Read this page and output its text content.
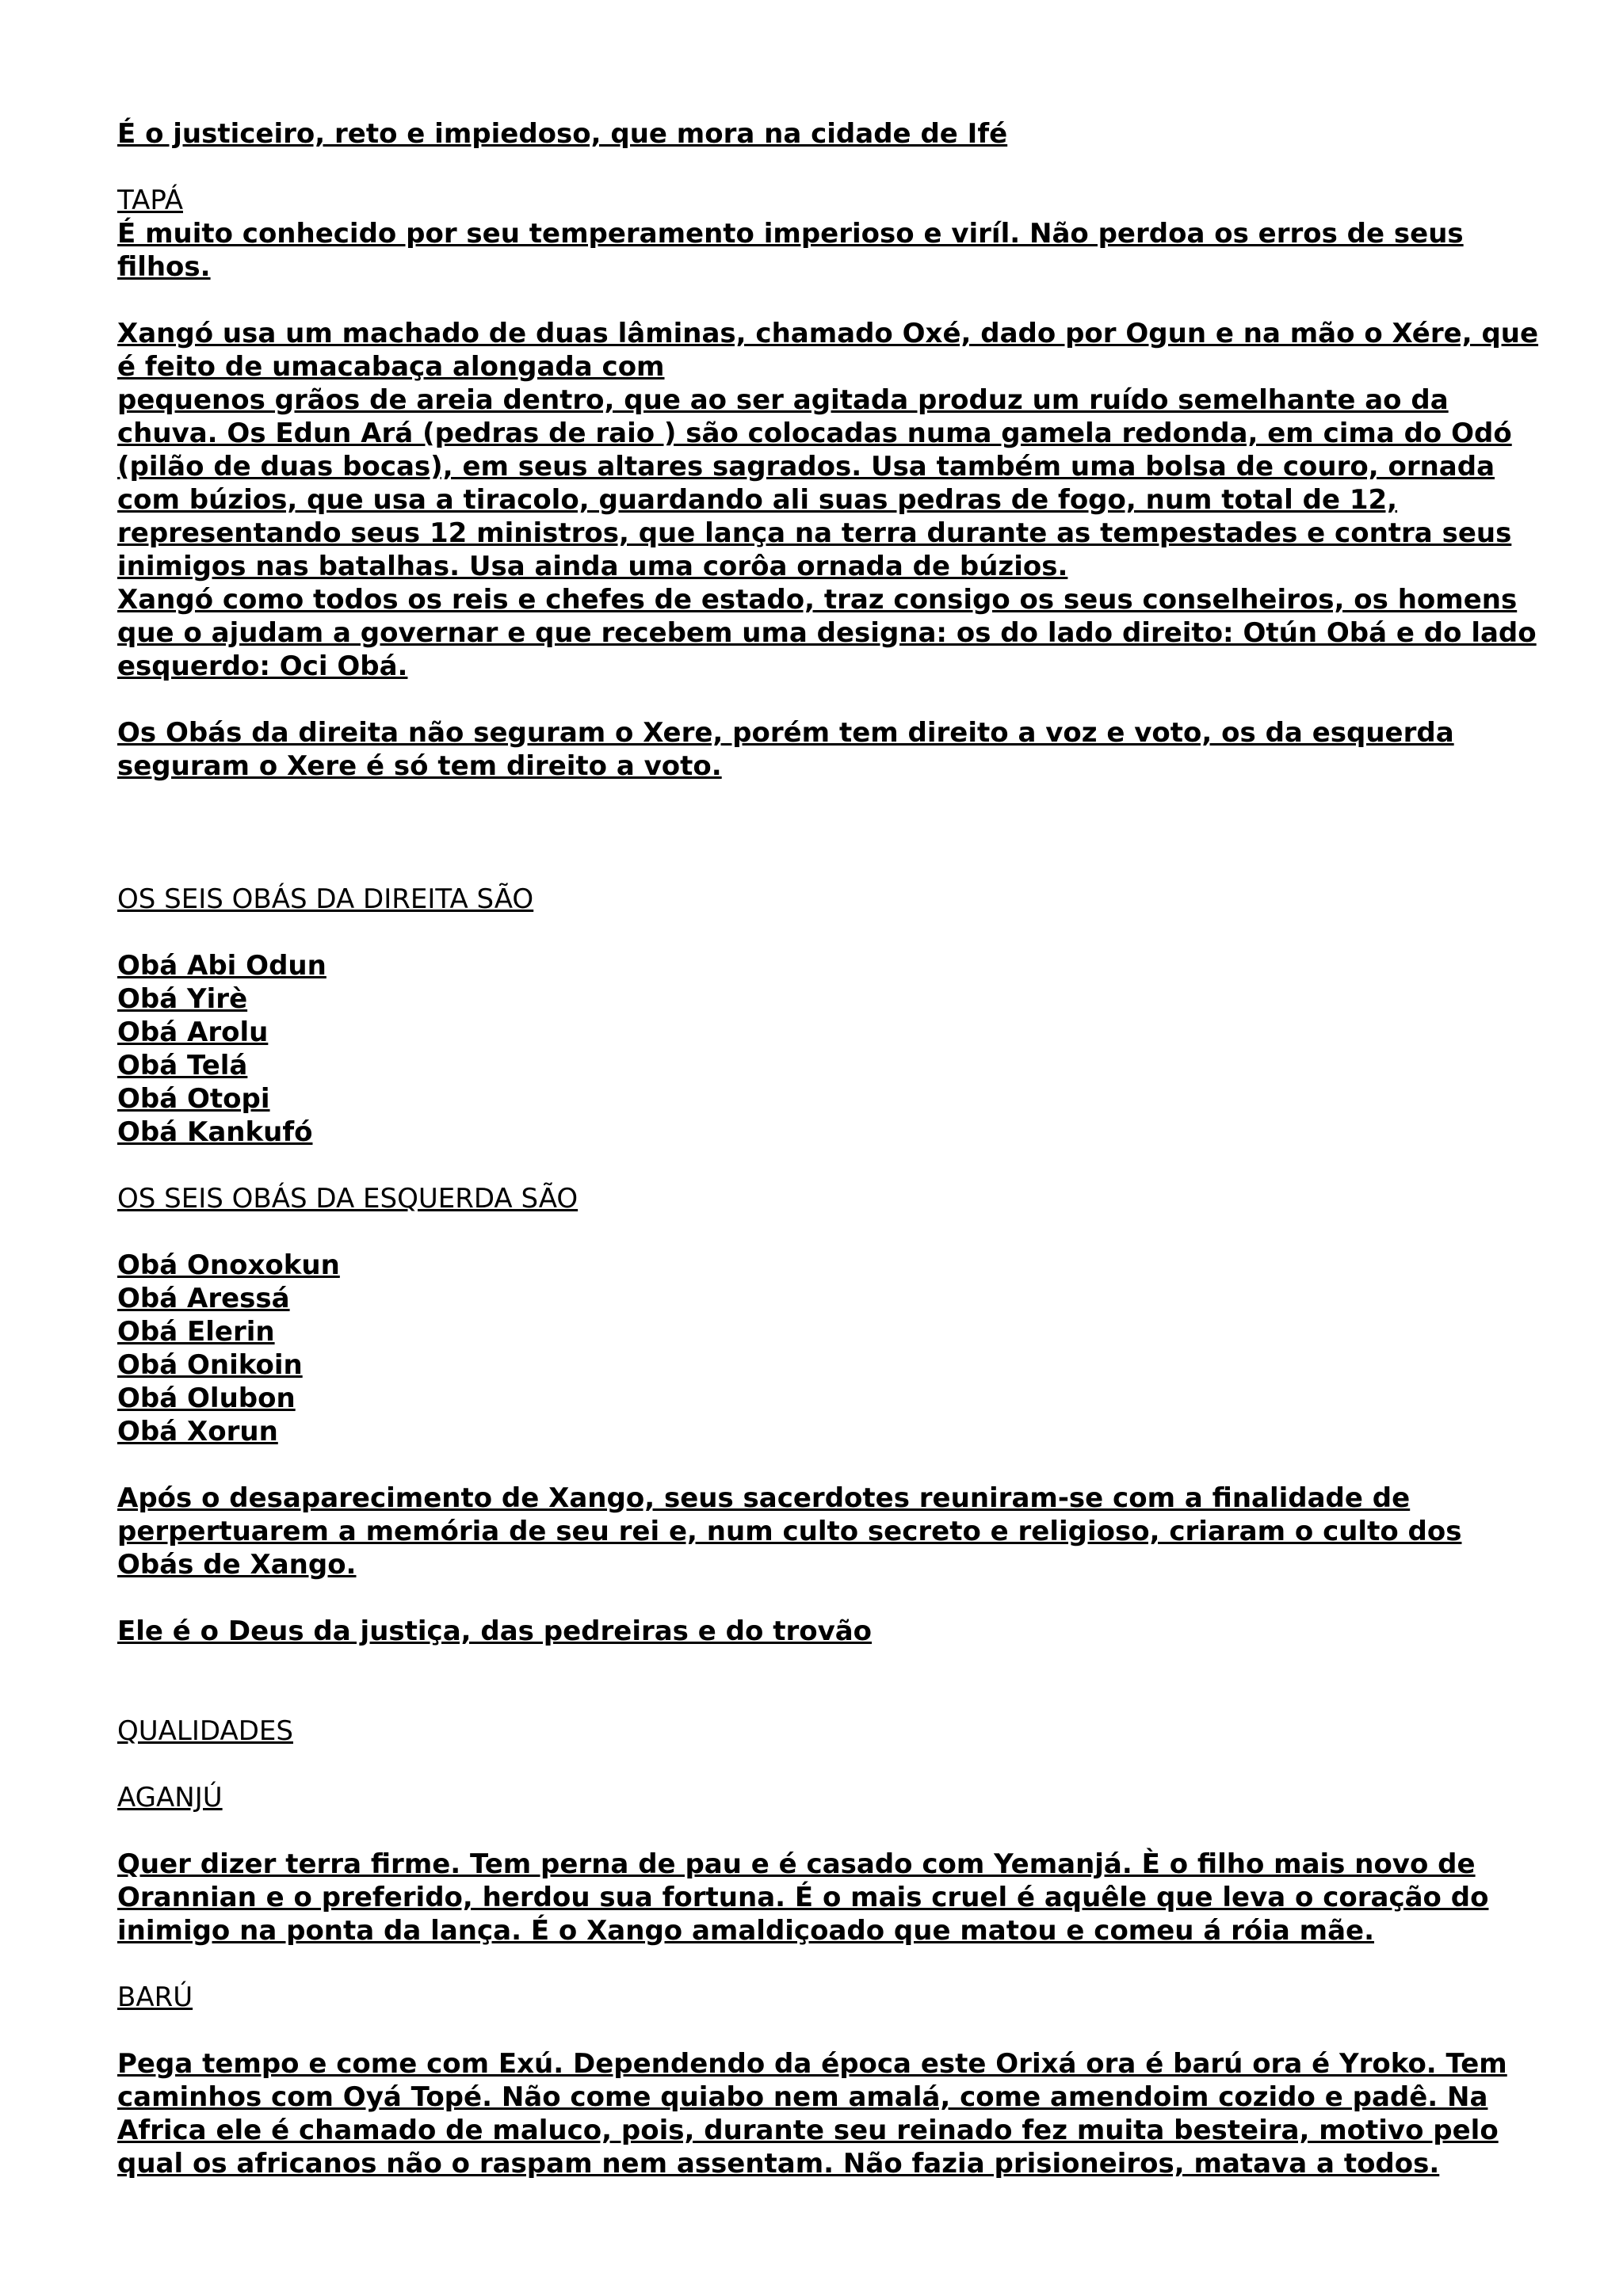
É o justiceiro, reto e impiedoso, que mora na cidade de Ifé

TAPÁ

É muito conhecido por seu temperamento imperioso e viríl. Não perdoa os erros de seus

filhos.

Xangó usa um machado de duas lâminas, chamado Oxé, dado por Ogun e na mão o Xére, que

é feito de umacabaça alongada com

pequenos grãos de areia dentro, que ao ser agitada produz um ruído semelhante ao da

chuva. Os Edun Ará (pedras de raio ) são colocadas numa gamela redonda, em cima do Odó

(pilão de duas bocas), em seus altares sagrados. Usa também uma bolsa de couro, ornada

com búzios, que usa a tiracolo, guardando ali suas pedras de fogo, num total de 12,

representando seus 12 ministros, que lança na terra durante as tempestades e contra seus

inimigos nas batalhas. Usa ainda uma corôa ornada de búzios.

Xangó como todos os reis e chefes de estado, traz consigo os seus conselheiros, os homens

que o ajudam a governar e que recebem uma designa: os do lado direito: Otún Obá e do lado

esquerdo: Oci Obá.

Os Obás da direita não seguram o Xere, porém tem direito a voz e voto, os da esquerda

seguram o Xere é só tem direito a voto.

OS SEIS OBÁS DA DIREITA SÃO

Obá Abi Odun

Obá Yirè

Obá Arolu

Obá Telá

Obá Otopi

Obá Kankufó

OS SEIS OBÁS DA ESQUERDA SÃO

Obá Onoxokun

Obá Aressá

Obá Elerin

Obá Onikoin

Obá Olubon

Obá Xorun

Após o desaparecimento de Xango, seus sacerdotes reuniram-se com a finalidade de

perpertuarem a memória de seu rei e, num culto secreto e religioso, criaram o culto dos

Obás de Xango.

Ele é o Deus da justiça, das pedreiras e do trovão

QUALIDADES

AGANJÚ

Quer dizer terra firme. Tem perna de pau e é casado com Yemanjá. È o filho mais novo de

Orannian e o preferido, herdou sua fortuna. É o mais cruel é aquêle que leva o coração do

inimigo na ponta da lança. É o Xango amaldiçoado que matou e comeu á róia mãe.

BARÚ

Pega tempo e come com Exú. Dependendo da época este Orixá ora é barú ora é Yroko. Tem

caminhos com Oyá Topé. Não come quiabo nem amalá, come amendoim cozido e padê. Na

Africa ele é chamado de maluco, pois, durante seu reinado fez muita besteira, motivo pelo

qual os africanos não o raspam nem assentam. Não fazia prisioneiros, matava a todos.
